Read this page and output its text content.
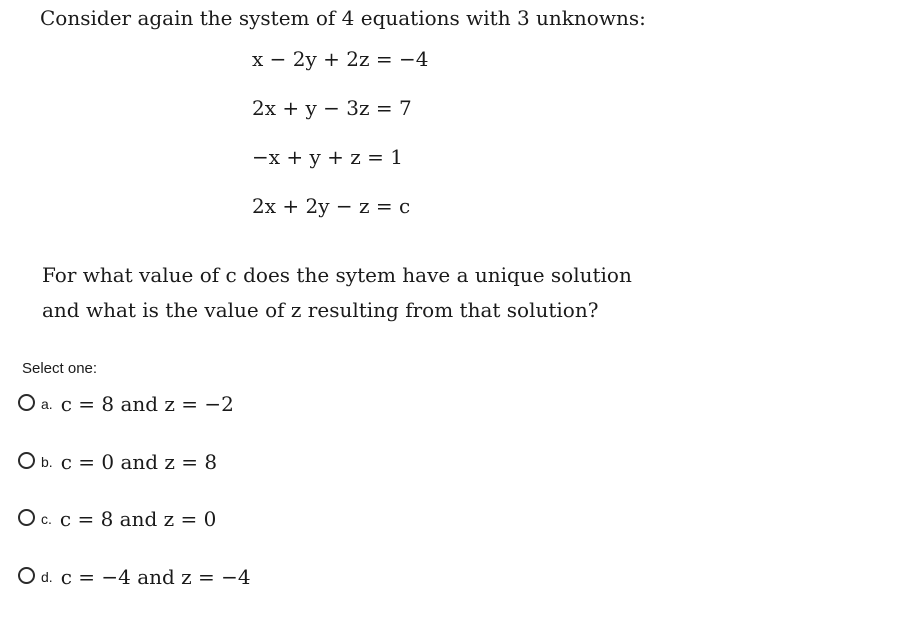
Consider again the system of 4 equations with 3 unknowns:
x − 2y + 2z = −4
2x + y − 3z = 7
−x + y + z = 1
2x + 2y − z = c
For what value of c does the sytem have a unique solution
and what is the value of z resulting from that solution?
Select one:
a. c = 8 and z = −2
b. c = 0 and z = 8
c. c = 8 and z = 0
d. c = −4 and z = −4
